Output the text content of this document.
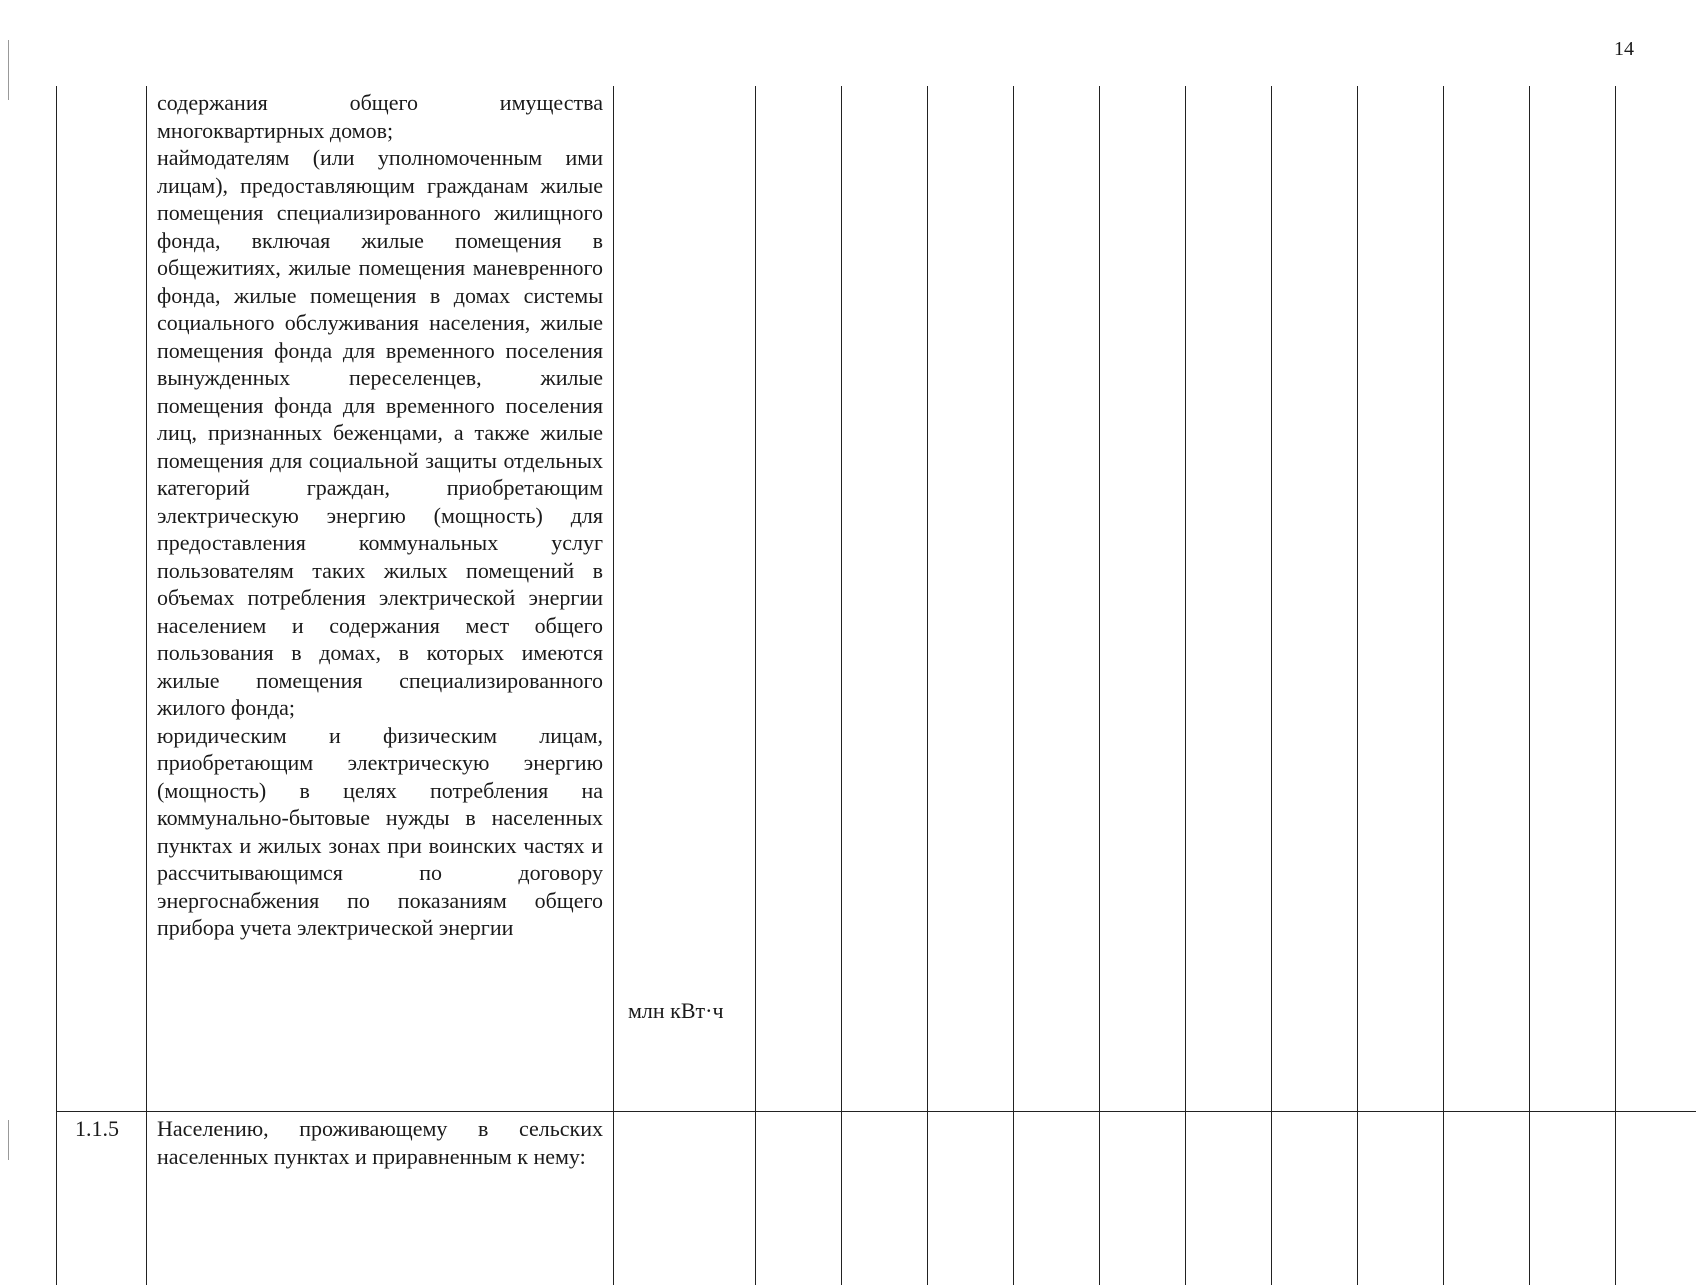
14

	содержания общего имущества многоквартирных домов;

наймодателям (или уполномоченным ими лицам), предоставляющим гражданам жилые помещения специализированного жилищного фонда, включая жилые помещения в общежитиях, жилые помещения маневренного фонда, жилые помещения в домах системы социального обслуживания населения, жилые помещения фонда для временного поселения вынужденных переселенцев, жилые помещения фонда для временного поселения лиц, признанных беженцами, а также жилые помещения для социальной защиты отдельных категорий граждан, приобретающим электрическую энергию (мощность) для предоставления коммунальных услуг пользователям таких жилых помещений в объемах потребления электрической энергии населением и содержания мест общего пользования в домах, в которых имеются жилые помещения специализированного жилого фонда;

юридическим и физическим лицам, приобретающим электрическую энергию (мощность) в целях потребления на коммунально-бытовые нужды в населенных пунктах и жилых зонах при воинских частях и рассчитывающимся по договору энергоснабжения по показаниям общего прибора учета электрической энергии	млн кВт·ч											
1.1.5	Населению, проживающему в сельских населенных пунктах и приравненным к нему:												
